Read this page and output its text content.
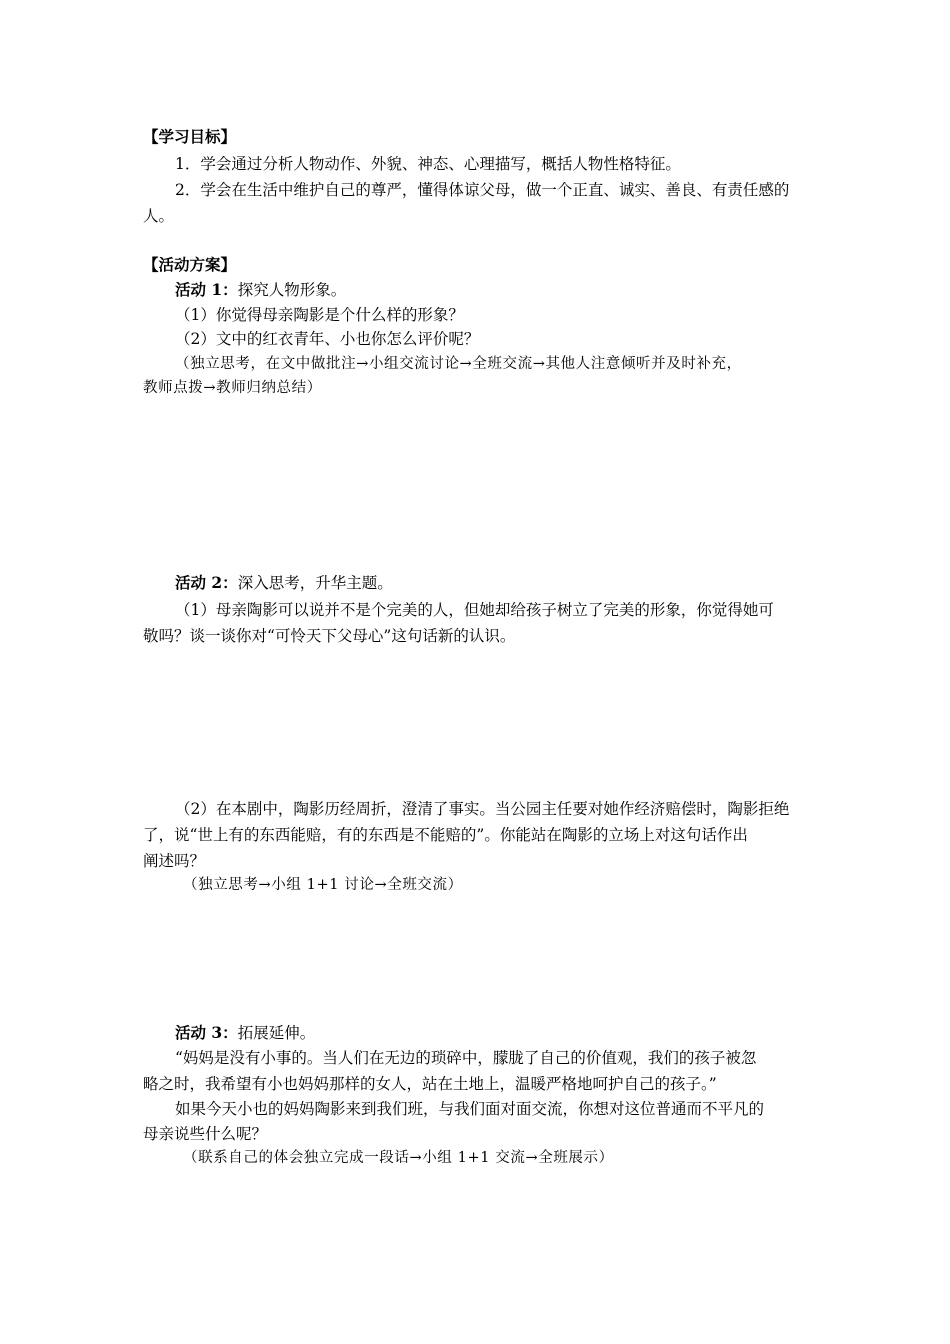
【学习目标】
1．学会通过分析人物动作、外貌、神态、心理描写，概括人物性格特征。
2．学会在生活中维护自己的尊严，懂得体谅父母，做一个正直、诚实、善良、有责任感的
人。
【活动方案】
活动 1：探究人物形象。
（1）你觉得母亲陶影是个什么样的形象？
（2）文中的红衣青年、小也你怎么评价呢？
（独立思考，在文中做批注→小组交流讨论→全班交流→其他人注意倾听并及时补充，
教师点拨→教师归纳总结）
活动 2：深入思考，升华主题。
（1）母亲陶影可以说并不是个完美的人，但她却给孩子树立了完美的形象，你觉得她可
敬吗？谈一谈你对“可怜天下父母心”这句话新的认识。
（2）在本剧中，陶影历经周折，澄清了事实。当公园主任要对她作经济赔偿时，陶影拒绝
了，说“世上有的东西能赔，有的东西是不能赔的”。你能站在陶影的立场上对这句话作出
阐述吗？
（独立思考→小组 1+1 讨论→全班交流）
活动 3：拓展延伸。
“妈妈是没有小事的。当人们在无边的琐碎中，朦胧了自己的价值观，我们的孩子被忽
略之时，我希望有小也妈妈那样的女人，站在土地上，温暖严格地呵护自己的孩子。”
如果今天小也的妈妈陶影来到我们班，与我们面对面交流，你想对这位普通而不平凡的
母亲说些什么呢？
（联系自己的体会独立完成一段话→小组 1+1 交流→全班展示）
